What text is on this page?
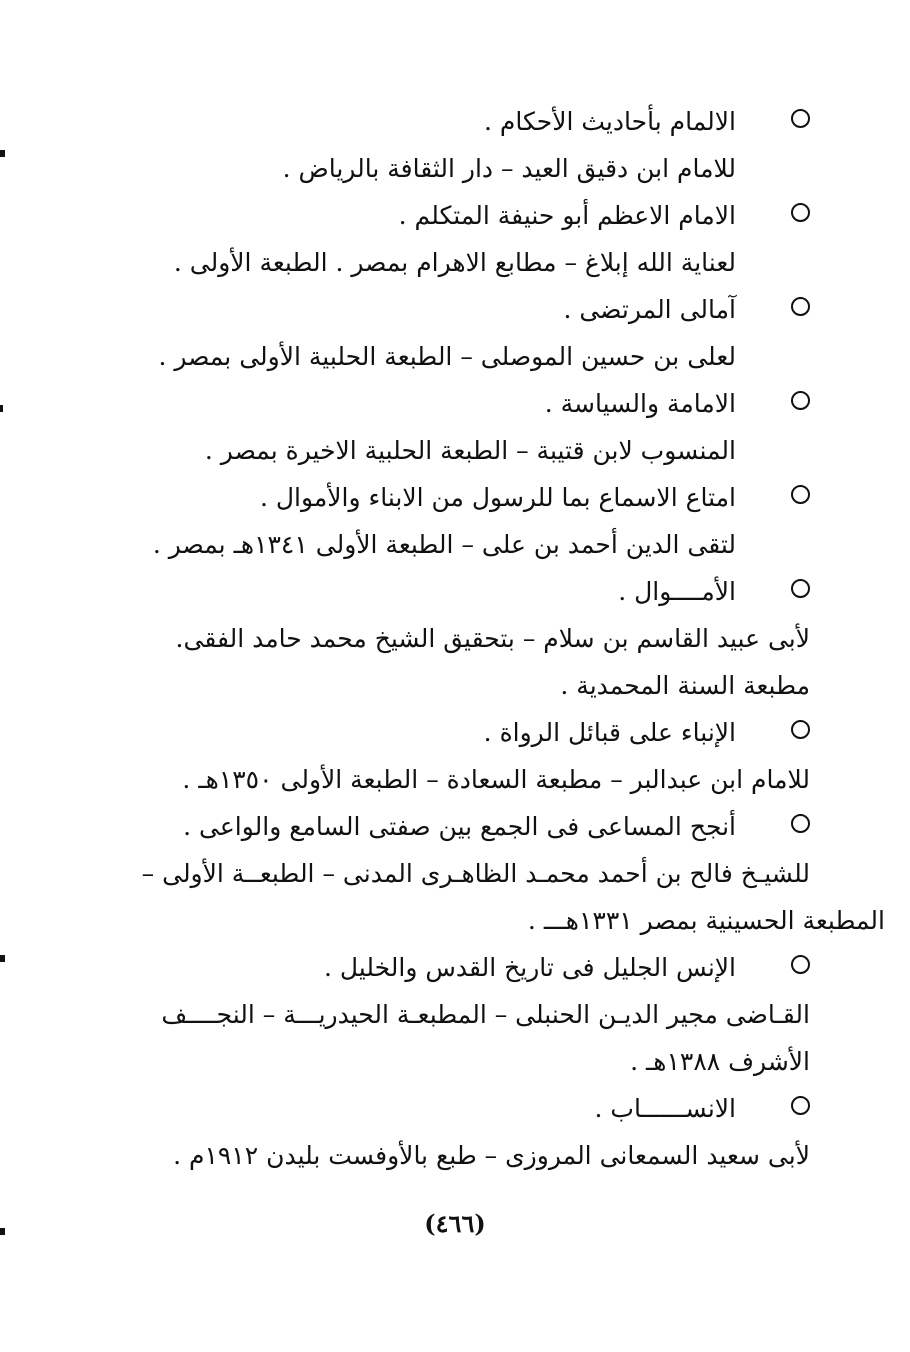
الالمام بأحاديث الأحكام .
للامام ابن دقيق العيد – دار الثقافة بالرياض .
الامام الاعظم أبو حنيفة المتكلم .
لعناية الله إبلاغ – مطابع الاهرام بمصر . الطبعة الأولى .
آمالى المرتضى .
لعلى بن حسين الموصلى – الطبعة الحلبية الأولى بمصر .
الامامة والسياسة .
المنسوب لابن قتيبة – الطبعة الحلبية الاخيرة بمصر .
امتاع الاسماع بما للرسول من الابناء والأموال .
لتقى الدين أحمد بن على – الطبعة الأولى ١٣٤١هـ بمصر .
الأمــــوال .
لأبى عبيد القاسم بن سلام – بتحقيق الشيخ محمد حامد الفقى.
مطبعة السنة المحمدية .
الإنباء على قبائل الرواة .
للامام ابن عبدالبر – مطبعة السعادة – الطبعة الأولى ١٣٥٠هـ .
أنجح المساعى فى الجمع بين صفتى السامع والواعى .
للشيـخ فالح بن أحمد محمـد الظاهـرى المدنى – الطبعــة الأولى –
المطبعة الحسينية بمصر ١٣٣١هـــ .
الإنس الجليل فى تاريخ القدس والخليل .
القـاضى مجير الديـن الحنبلى – المطبعـة الحيدريـــة – النجــــف
الأشرف ١٣٨٨هـ .
الانســــــاب .
لأبى سعيد السمعانى المروزى – طبع بالأوفست بليدن ١٩١٢م .
(٤٦٦)
